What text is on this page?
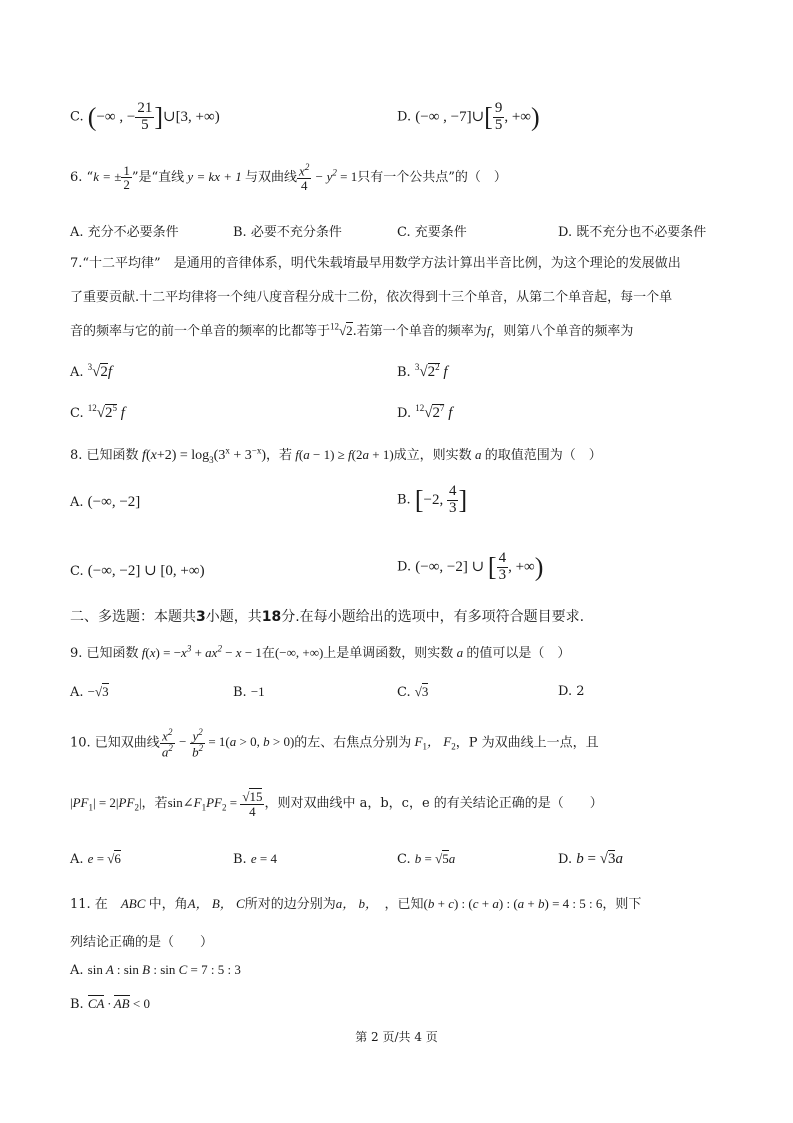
C. (−∞ , − $\frac{21}{5}$ ]∪[3, +∞)	D. (−∞ , −7]∪[ $\frac{9}{5}$ , +∞)
6. “k = ± $\frac{1}{2}$ ”是“直线 y = kx + 1 与双曲线 $\frac{x^2}{4} - y^2 = 1$只有一个公共点”的（　）
A. 充分不必要条件	B. 必要不充分条件	C. 充要条件	D. 既不充分也不必要条件
7.“十二平均律”　是通用的音律体系，明代朱载堉最早用数学方法计算出半音比例，为这个理论的发展做出
了重要贡献.十二平均律将一个纯八度音程分成十二份，依次得到十三个单音，从第二个单音起，每一个单
音的频率与它的前一个单音的频率的比都等于$^{12}$√2.若第一个单音的频率为f，则第八个单音的频率为
A. $^3$√2f	B. $^3√2^2$ f
C. $^{12}√2^5$ f	D. $^{12}√2^7$ f
8. 已知函数 $f(x+2) = \log_3(3^x + 3^{-x})$，若 f(a − 1) ≥ f(2a + 1)成立，则实数 a 的取值范围为（　）
A. (−∞, −2]	B. [−2, $\frac{4}{3}$ ]
C. (−∞, −2] ∪ [0, +∞)	D. (−∞, −2] ∪ [ $\frac{4}{3}$ , +∞)
二、多选题：本题共3小题，共18分.在每小题给出的选项中，有多项符合题目要求.
9. 已知函数 $f(x) = -x^3 + ax^2 - x - 1$在(−∞, +∞)上是单调函数，则实数 a 的值可以是（　）
A. −√3	B. −1	C. √3	D. 2
10. 已知双曲线 $\frac{x^2}{a^2} - \frac{y^2}{b^2} = 1(a > 0$, b > 0)的左、右焦点分别为 $F_1$， $F_2$，P 为双曲线上一点，且
$|PF_1| = 2|PF_2|$，若$\sin\angle F_1PF_2 = \frac{√15}{4}$ ，则对双曲线中 a，b，c，e 的有关结论正确的是（　　）
A. e = √6	B. e = 4	C. b = √5a	D. b = √3a
11. 在　ABC 中，角A， B， C所对的边分别为a， b，　，已知(b + c) : (c + a) : (a + b) = 4 : 5 : 6，则下
列结论正确的是（　　）
A. sin A : sin B : sin C = 7 : 5 : 3
B. CA · AB < 0
第 2 页/共 4 页
